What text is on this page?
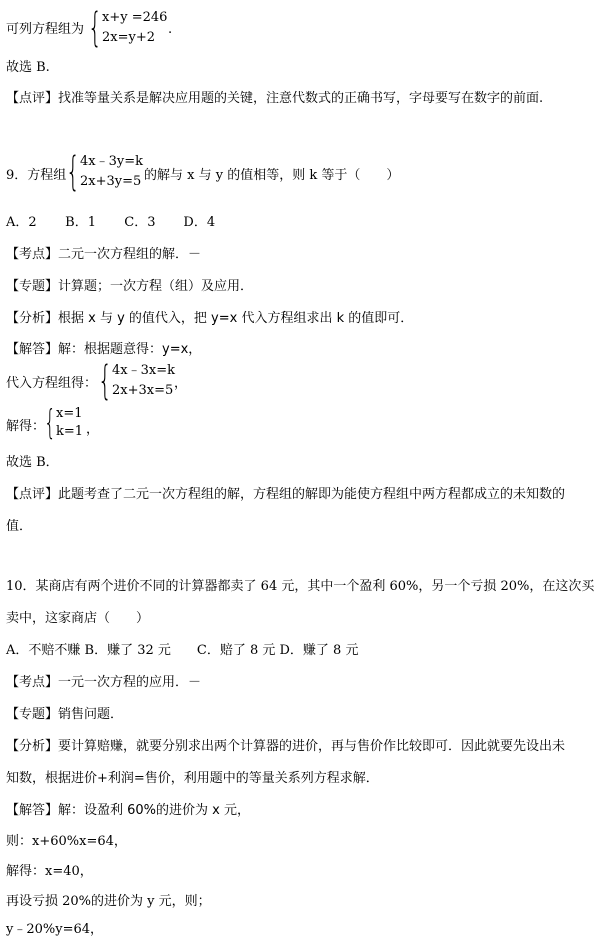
可列方程组为 { x+y =246
2x=y+2
.
故选 B.
【点评】找准等量关系是解决应用题的关键，注意代数式的正确书写，字母要写在数字的前面.
9．方程组 { 4x﹣3y=k
2x+3y=5 的解与 x 与 y 的值相等，则 k 等于（　　）
A．2 B．1 C．3 D．4
【考点】二元一次方程组的解．－
【专题】计算题；一次方程（组）及应用．
【分析】根据 x 与 y 的值代入，把 y=x 代入方程组求出 k 的值即可．
【解答】解：根据题意得：y=x，
代入方程组得： { 4x﹣3x=k
2x+3x=5 ，
解得：
{ x=1
k=1 ，
故选 B．
【点评】此题考查了二元一次方程组的解，方程组的解即为能使方程组中两方程都成立的未知数的
值．
10．某商店有两个进价不同的计算器都卖了 64 元，其中一个盈利 60%，另一个亏损 20%，在这次买
卖中，这家商店（　　）
A．不赔不赚 B．赚了 32 元　　C．赔了 8 元 D．赚了 8 元
【考点】一元一次方程的应用．－
【专题】销售问题．
【分析】要计算赔赚，就要分别求出两个计算器的进价，再与售价作比较即可．因此就要先设出未
知数，根据进价+利润=售价，利用题中的等量关系列方程求解．
【解答】解：设盈利 60%的进价为 x 元，
则：x+60%x=64，
解得：x=40，
再设亏损 20%的进价为 y 元，则；
y﹣20%y=64，
